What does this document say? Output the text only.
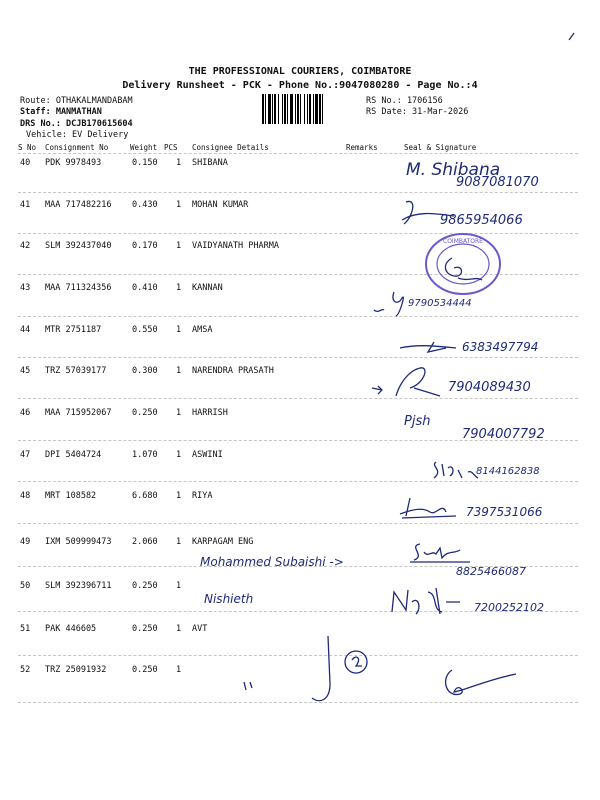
THE PROFESSIONAL COURIERS, COIMBATORE
Delivery Runsheet - PCK - Phone No.:9047080280 - Page No.:4
Route: OTHAKALMANDABAM
Staff: MANMATHAN
DRS No.: DCJB170615604
Vehicle: EV Delivery
RS No.: 1706156
RS Date: 31-Mar-2026
S No Consignment No	Weight PCS Consignee Details	Remarks	Seal & Signature
40 PDK 9978493	0.150 1 SHIBANA
41 MAA 717482216 0.430 1 MOHAN KUMAR
42 SLM 392437040 0.170 1 VAIDYANATH PHARMA
43 MAA 711324356 0.410 1 KANNAN
44 MTR 2751187	0.550 1 AMSA
45 TRZ 57039177	0.300 1 NARENDRA PRASATH
46 MAA 715952067 0.250 1 HARRISH
47 DPI 5404724	1.070 1 ASWINI
48 MRT 108582	6.680 1 RIYA
49 IXM 509999473 2.060 1 KARPAGAM ENG
50 SLM 392396711 0.250 1
51 PAK 446605	0.250 1 AVT
52 TRZ 25091932	0.250 1
COIMBATORE
M. Shibana
9087081070
9865954066
9790534444
6383497794
7904089430
Pjsh
7904007792
8144162838
7397531066
Mohammed Subaishi ->
8825466087
Nishieth
7200252102
